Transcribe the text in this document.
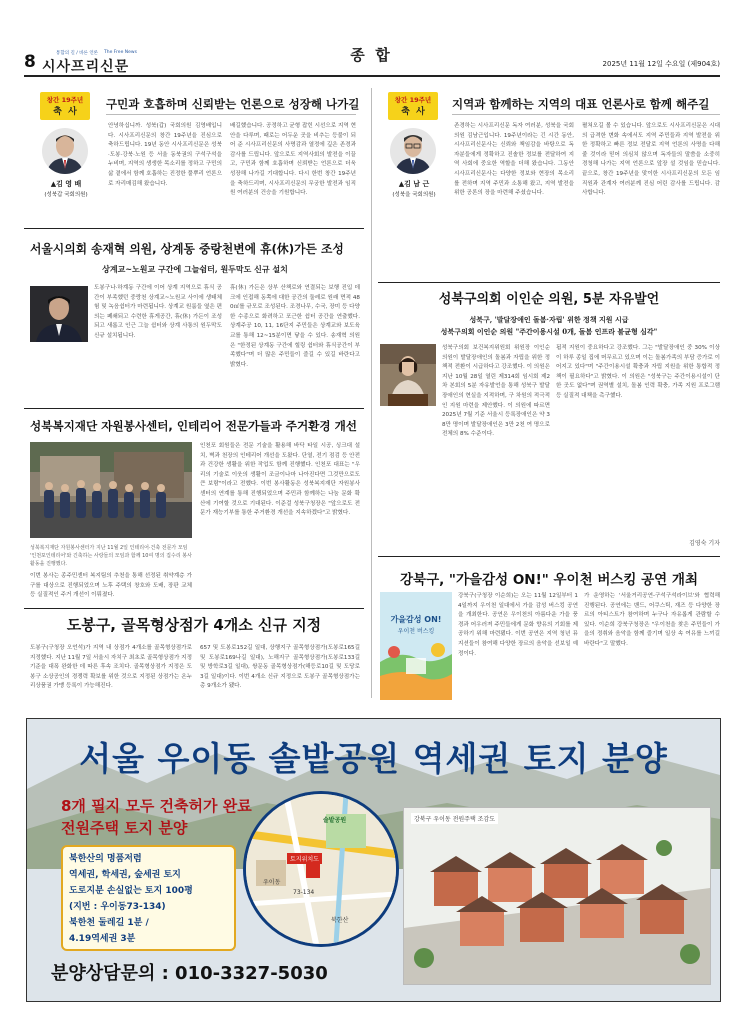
8	통합의 길 / 바른 언론 The Free News
시사프리신문
종  합	2025년 11월 12일 수요일 (제904호)
창간 19주년
축  사
구민과 호흡하며 신뢰받는 언론으로 성장해 나가길
▲김 영 배
(성북갑 국회의원)
안녕하십니까. 성북(갑) 국회의원 김영배입니다. 시사프리신문의 창간 19주년을 진심으로 축하드립니다. 19년 동안 시사프리신문은 성북·도봉·강북·노원 등 서울 동북권의 구석구석을 누비며, 지역의 생생한 목소리를 정하고 구민의 삶 곁에서 함께 호흡하는 진정한 풀뿌리 언론으로 자리매김해 왔습니다.
배길했습니다. 공정하고 균형 잡힌 시선으로 지역 현안을 다루며, 때로는 어두운 곳을 비추는 등불이 되어 준 시사프리신문의 사명감과 열정에 깊은 존경과 감사를 드립니다. 앞으로도 지역사회의 발전을 이끌고, 구민과 함께 호흡하며 신뢰받는 언론으로 더욱 성장해 나가길 기대합니다. 다시 한번 창간 19주년을 축하드리며, 시사프리신문의 무궁한 발전과 임직원 여러분의 건승을 기원합니다.
창간 19주년
축  사
지역과 함께하는 지역의 대표 언론사로 함께 해주길
▲김 남 근
(성북을 국회의원)
존경하는 시사프리신문 독자 여러분, 성북을 국회의원 김남근입니다. 19주년이라는 긴 시간 동안, 시사프리신문사는 신뢰와 책임감을 바탕으로 독자분들에게 정확하고 진솔한 정보를 전달하여 지역 사회에 중요한 역할을 더해 왔습니다. 그동안 시사프리신문사는 다양한 정보와 현장의 목소리를 전하며 지역 주민과 소통해 왔고, 지역 발전을 위한 공론의 장을 마련해 주셨습니다.
펼쳐오길 볼 수 있습니다. 앞으로도 시사프리신문은 시대의 급격한 변화 속에서도 지역 주민들과 지역 발전을 위한 정확하고 빠른 정보 전달로 지역 언론의 사명을 다해 줄 것이라 믿어 의심치 않으며 독자들의 말씀을 소중히 경청해 나가는 지역 언론으로 앞장 설 것임을 믿습니다. 끝으로, 창간 19주년을 맞이한 시사프리신문의 모든 임직원과 관계자 여러분께 진심 어린 감사를 드립니다. 감사합니다.
서울시의회 송재혁 의원, 상계동 중랑천변에 휴(休)가든 조성
상계교~노원교 구간에 그늘쉼터, 원두막도 신규 설치
도봉구나·하계동 구간에 이어 상계 지역으로 휴식 공간이 부족했던 중랑천 상계교~노원교 사이에 생태체험 및 녹음쉼터가 마련됩니다. 상계교 원룸들 옆은 편의는 폐쇄되고 수련한 휴게공간, 휴(休) 가든이 조성되고 새롭고 인근 그늘 쉼터와 상계 사통의 원두막도 신규 설치됩니다.
휴(休) 가든은 상부 산책로와 연결되는 보행 진입 데크에 인접해 동쪽에 대한 공간의 둘레로 원래 면적 480㎡를 규모로 조성된다. 조경나무, 수국, 장미 등 다양한 수종으로 화려하고 포근한 쉼터 공간을 연출했다. 상계주공 10, 11, 16단지 주민들은 상계교와 보도육교를 통해 12~15분이면 닿을 수 있다. 송재혁 의원은 "한정된 상계동 구간에 힐링 쉼터와 휴식공간이 부족했다"며 더 많은 주민들이 즐길 수 있길 바란다고 밝혔다.
성북구의회 이인순 의원, 5분 자유발언
성북구, '발달장애인 돌봄·자립' 위한 정책 지원 시급
성북구의회 이인순 의원 "주간이용시설 0개, 돌봄 인프라 불균형 심각"
성북구의회 보건복지위원회 위원장 이인순 의원이 발달장애인의 돌봄과 자립을 위한 정책적 전환이 시급하다고 강조했다. 이 의원은 지난 10월 28일 열린 제314회 임시회 제2차 본회의 5분 자유발언을 통해 성북구 발달장애인의 현실을 지적하며, 구 차원의 적극적인 지원 마련을 제안했다. 이 의원에 따르면 2025년 7월 기준 서울시 등록장애인은 약 38만 명이며 발달장애인은 3만 2천 여 명으로 전체의 8% 수준이다.
됩적 지원이 중요하다고 강조했다. 그는 "발달장애인 중 30% 이상이 하루 종일 집에 머무르고 있으며 이는 돌봄가족의 부담 증가로 이어지고 있다"며 "주간이용시설 확충과 자립 지원을 위한 통합적 정책이 필요하다"고 밝혔다. 이 의원은 "성북구는 주간이용시설이 단 한 곳도 없다"며 권역별 설치, 돌봄 인력 확충, 가족 지원 프로그램 등 실질적 대책을 촉구했다.
김영숙 기자
성북복지재단 자원봉사센터, 인테리어 전문가들과 주거환경 개선
성북복지재단 자원봉사센터가 지난 11월 2일 인테리어·건축 전문가 모임 '인천포인테리어'와 긴축하는 사랑들의 모임과 함께 10여 명의 집수리 봉사활동을 진행했다.
이번 봉사는 종주민센터 복지팀의 추천을 통해 선정된 취약계층 가구를 대상으로 진행되었으며 노후 주택의 창호와 도배, 장판 교체 등 실질적인 주거 개선이 이뤄졌다.
인천포 회원들은 전문 기술을 활용해 바닥 타일 시공, 싱크대 설치, 벽과 천장의 인테리어 개선을 도왔다. 단열, 전기 점검 등 안전과 건강한 생활을 위한 작업도 함께 진행했다. 인천포 대표는 "우리의 기술로 이웃의 생활이 조금이나마 나아진다면 그것만으로도 큰 보람"이라고 전했다. 이번 봉사활동은 성북복지재단 자원봉사센터의 연계를 통해 진행되었으며 주민과 함께하는 나눔 문화 확산에 기여할 것으로 기대된다. 이준걸 성북구청장은 "앞으로도 전문가 재능기부를 통한 주거환경 개선을 지속하겠다"고 밝혔다.
도봉구, 골목형상점가 4개소 신규 지정
도봉구(구청장 오언석)가 지역 내 상점가 4개소를 골목형상점가로 지정했다. 지난 11월 7일 서울시 자치구 최초로 골목형상점가 지정 기준을 대폭 완화한 데 따른 후속 조치다. 골목형상점가 지정은 도봉구 소상공인의 경쟁력 확보를 위한 것으로 지정된 상점가는 온누리상품권 가맹 등록이 가능해진다.
657 및 도봉로152길 일대, 상행지구 골목형상점가(도봉로165길 및 도봉로169나길 일대), 노해지구 골목형상점가(도봉로133길 및 방학로3길 일대), 쌍문동 골목형상점가(해등로10길 및 도당로3길 일대)이다. 이번 4개소 신규 지정으로 도봉구 골목형상점가는 총 9개소가 됐다.
강북구, "가을감성 ON!" 우이천 버스킹 공연 개최
가을감성 ON!
우이천 버스킹
강북구(구청장 이순희)는 오는 11월 12일부터 14일까지 우이천 일대에서 가을 감성 버스킹 공연을 개최한다. 공연은 우이천의 아름다운 가을 풍경과 어우러져 주민들에게 문화 향유의 기회를 제공하기 위해 마련됐다. 이번 공연은 지역 청년 뮤지션들이 참여해 다양한 장르의 음악을 선보일 예정이다.
가 운영하는 '서울거리공연-구석구석라이브'와 협력해 진행된다. 공연에는 밴드, 어쿠스틱, 재즈 등 다양한 장르의 아티스트가 참여하며 누구나 자유롭게 관람할 수 있다. 이순희 강북구청장은 "우이천을 찾은 주민들이 가을의 정취와 음악을 함께 즐기며 일상 속 여유를 느끼길 바란다"고 말했다.
서울 우이동 솔밭공원 역세권 토지 분양
8개 필지 모두 건축허가 완료
전원주택 토지 분양
북한산의 명품저렴
역세권, 학세권, 숲세권 토지
도로지분 손실없는 토지 100평
(지번 : 우이동73-134)
북한천 둘레길 1분 /
4.19역세권 3분
분양상담문의 : 010-3327-5030
토지위치도
솔밭공원
우이동
73-134
북한산
강북구 우이동 전원주택 조감도
